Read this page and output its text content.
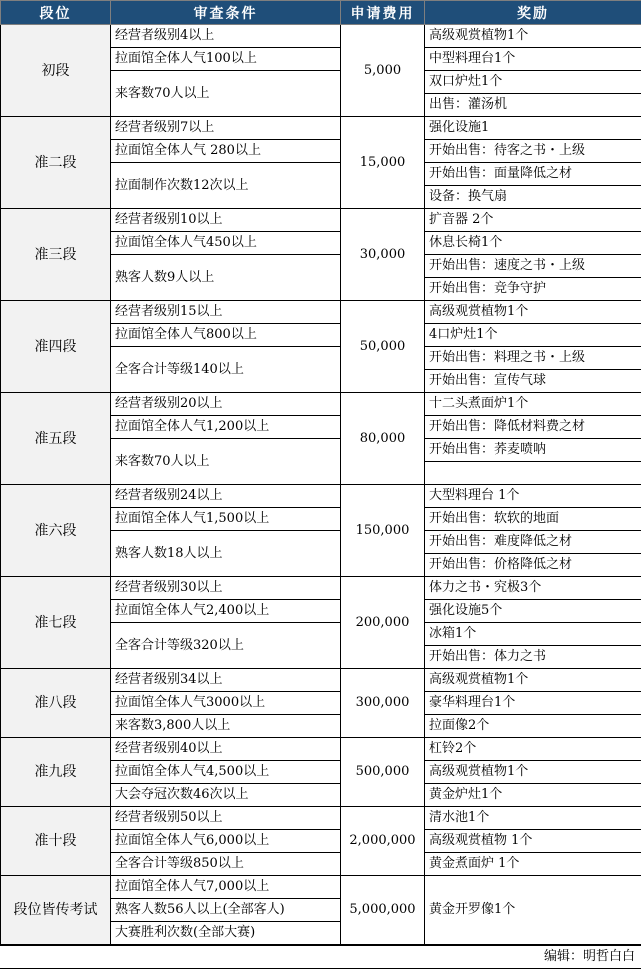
段位	审查条件	申请费用	奖励
初段	经营者级别4以上	5,000	高级观赏植物1个
	拉面馆全体人气100以上		中型料理台1个
	来客数70人以上		双口炉灶1个
			出售：灌汤机
准二段	经营者级别7以上	15,000	强化设施1
	拉面馆全体人气 280以上		开始出售：待客之书・上级
	拉面制作次数12次以上		开始出售：面量降低之材
			设备：换气扇
准三段	经营者级别10以上	30,000	扩音器 2个
	拉面馆全体人气450以上		休息长椅1个
	熟客人数9人以上		开始出售：速度之书・上级
			开始出售：竞争守护
准四段	经营者级别15以上	50,000	高级观赏植物1个
	拉面馆全体人气800以上		4口炉灶1个
	全客合计等级140以上		开始出售：料理之书・上级
			开始出售：宣传气球
准五段	经营者级别20以上	80,000	十二头煮面炉1个
	拉面馆全体人气1,200以上		开始出售：降低材料费之材
	来客数70人以上		开始出售：荞麦喷呐

准六段	经营者级别24以上	150,000	大型料理台 1个
	拉面馆全体人气1,500以上		开始出售：软软的地面
	熟客人数18人以上		开始出售：难度降低之材
			开始出售：价格降低之材
准七段	经营者级别30以上	200,000	体力之书・究极3个
	拉面馆全体人气2,400以上		强化设施5个
	全客合计等级320以上		冰箱1个
			开始出售：体力之书
准八段	经营者级别34以上	300,000	高级观赏植物1个
	拉面馆全体人气3000以上		豪华料理台1个
	来客数3,800人以上		拉面像2个
准九段	经营者级别40以上	500,000	杠铃2个
	拉面馆全体人气4,500以上		高级观赏植物1个
	大会夺冠次数46次以上		黄金炉灶1个
准十段	经营者级别50以上	2,000,000	清水池1个
	拉面馆全体人气6,000以上		高级观赏植物 1个
	全客合计等级850以上		黄金煮面炉 1个
段位皆传考试	拉面馆全体人气7,000以上	5,000,000	黄金开罗像1个
	熟客人数56人以上(全部客人)		
	大赛胜利次数(全部大赛)		
编辑：明哲白白
